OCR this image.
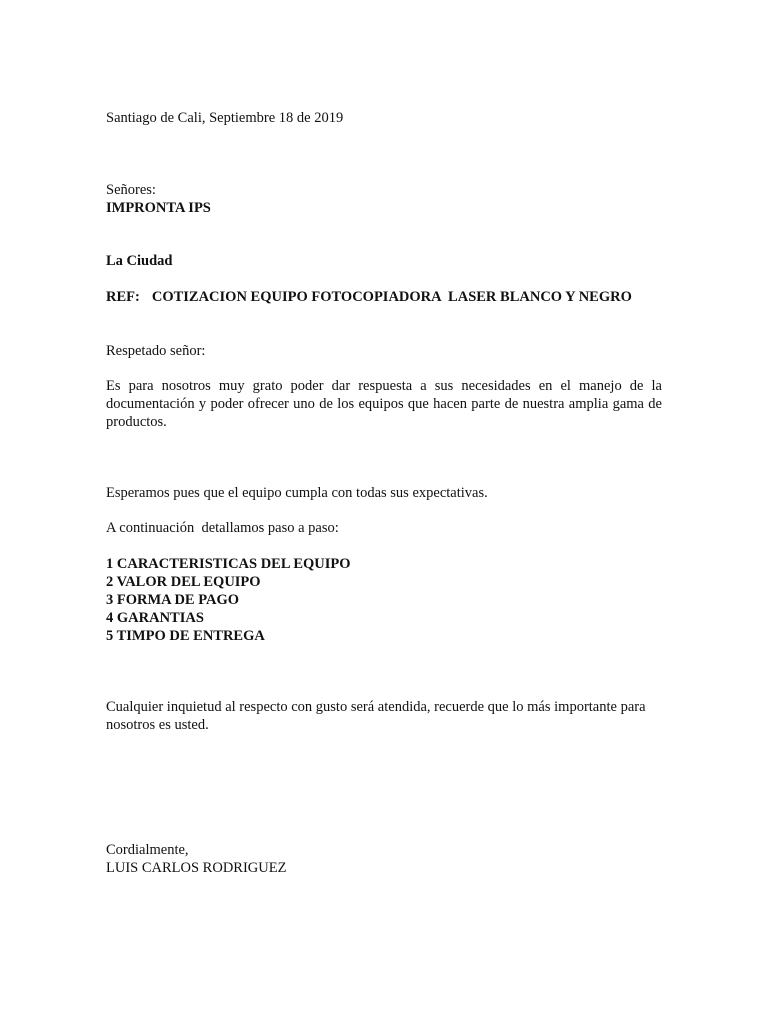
Santiago de Cali, Septiembre 18 de 2019
Señores:
IMPRONTA IPS
La Ciudad
REF: COTIZACION EQUIPO FOTOCOPIADORA  LASER BLANCO Y NEGRO
Respetado señor:
Es para nosotros muy grato poder dar respuesta a sus necesidades en el manejo de la documentación y poder ofrecer uno de los equipos que hacen parte de nuestra amplia gama de productos.
Esperamos pues que el equipo cumpla con todas sus expectativas.
A continuación  detallamos paso a paso:
1 CARACTERISTICAS DEL EQUIPO
2 VALOR DEL EQUIPO
3 FORMA DE PAGO
4 GARANTIAS
5 TIMPO DE ENTREGA
Cualquier inquietud al respecto con gusto será atendida, recuerde que lo más importante para nosotros es usted.
Cordialmente,
LUIS CARLOS RODRIGUEZ
